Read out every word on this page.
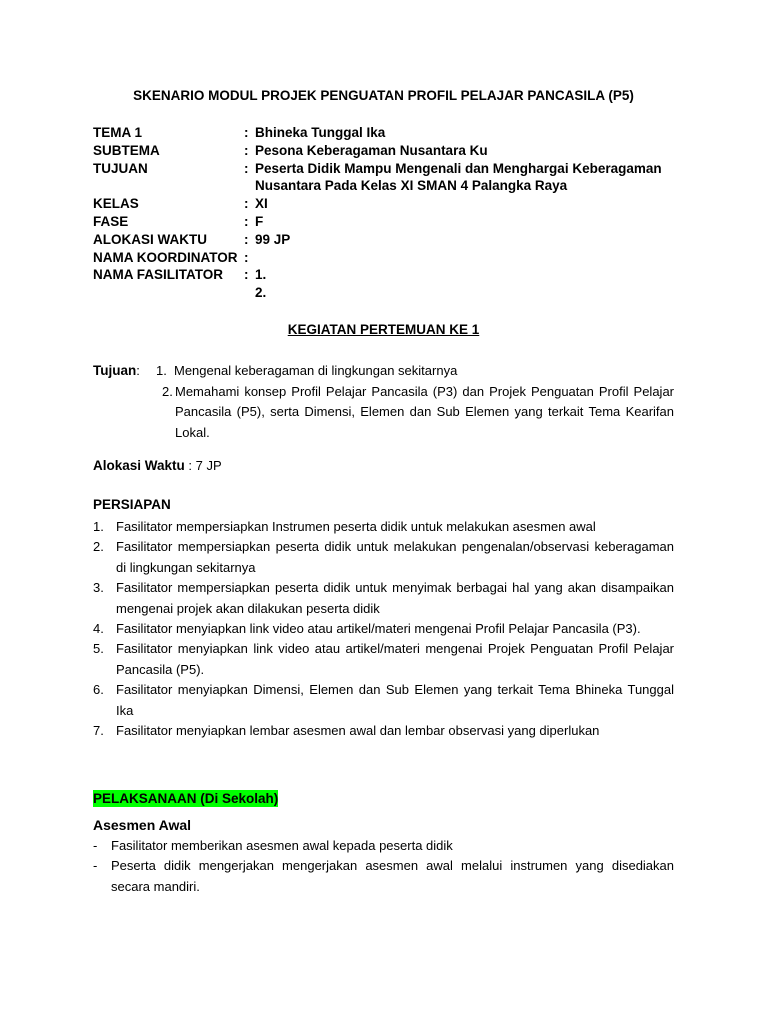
SKENARIO MODUL PROJEK PENGUATAN PROFIL PELAJAR PANCASILA (P5)
TEMA 1	: Bhineka Tunggal Ika
SUBTEMA	: Pesona Keberagaman Nusantara Ku
TUJUAN	: Peserta Didik Mampu Mengenali dan Menghargai Keberagaman
Nusantara Pada Kelas XI SMAN 4 Palangka Raya
KELAS	: XI
FASE	: F
ALOKASI WAKTU	: 99 JP
NAMA KOORDINATOR :
NAMA FASILITATOR	: 1.
2.
KEGIATAN PERTEMUAN KE 1
Tujuan:	1. Mengenal keberagaman di lingkungan sekitarnya
2. Memahami konsep Profil Pelajar Pancasila (P3) dan Projek Penguatan Profil Pelajar Pancasila (P5), serta Dimensi, Elemen dan Sub Elemen yang terkait Tema Kearifan Lokal.
Alokasi Waktu : 7 JP
PERSIAPAN
1. Fasilitator mempersiapkan Instrumen peserta didik untuk melakukan asesmen awal
2. Fasilitator mempersiapkan peserta didik untuk melakukan pengenalan/observasi keberagaman di lingkungan sekitarnya
3. Fasilitator mempersiapkan peserta didik untuk menyimak berbagai hal yang akan disampaikan mengenai projek akan dilakukan peserta didik
4. Fasilitator menyiapkan link video atau artikel/materi mengenai Profil Pelajar Pancasila (P3).
5. Fasilitator menyiapkan link video atau artikel/materi mengenai Projek Penguatan Profil Pelajar Pancasila (P5).
6. Fasilitator menyiapkan Dimensi, Elemen dan Sub Elemen yang terkait Tema Bhineka Tunggal Ika
7. Fasilitator menyiapkan lembar asesmen awal dan lembar observasi yang diperlukan
PELAKSANAAN (Di Sekolah)
Asesmen Awal
-	Fasilitator memberikan asesmen awal kepada peserta didik
-	Peserta didik mengerjakan mengerjakan asesmen awal melalui instrumen yang disediakan secara mandiri.
